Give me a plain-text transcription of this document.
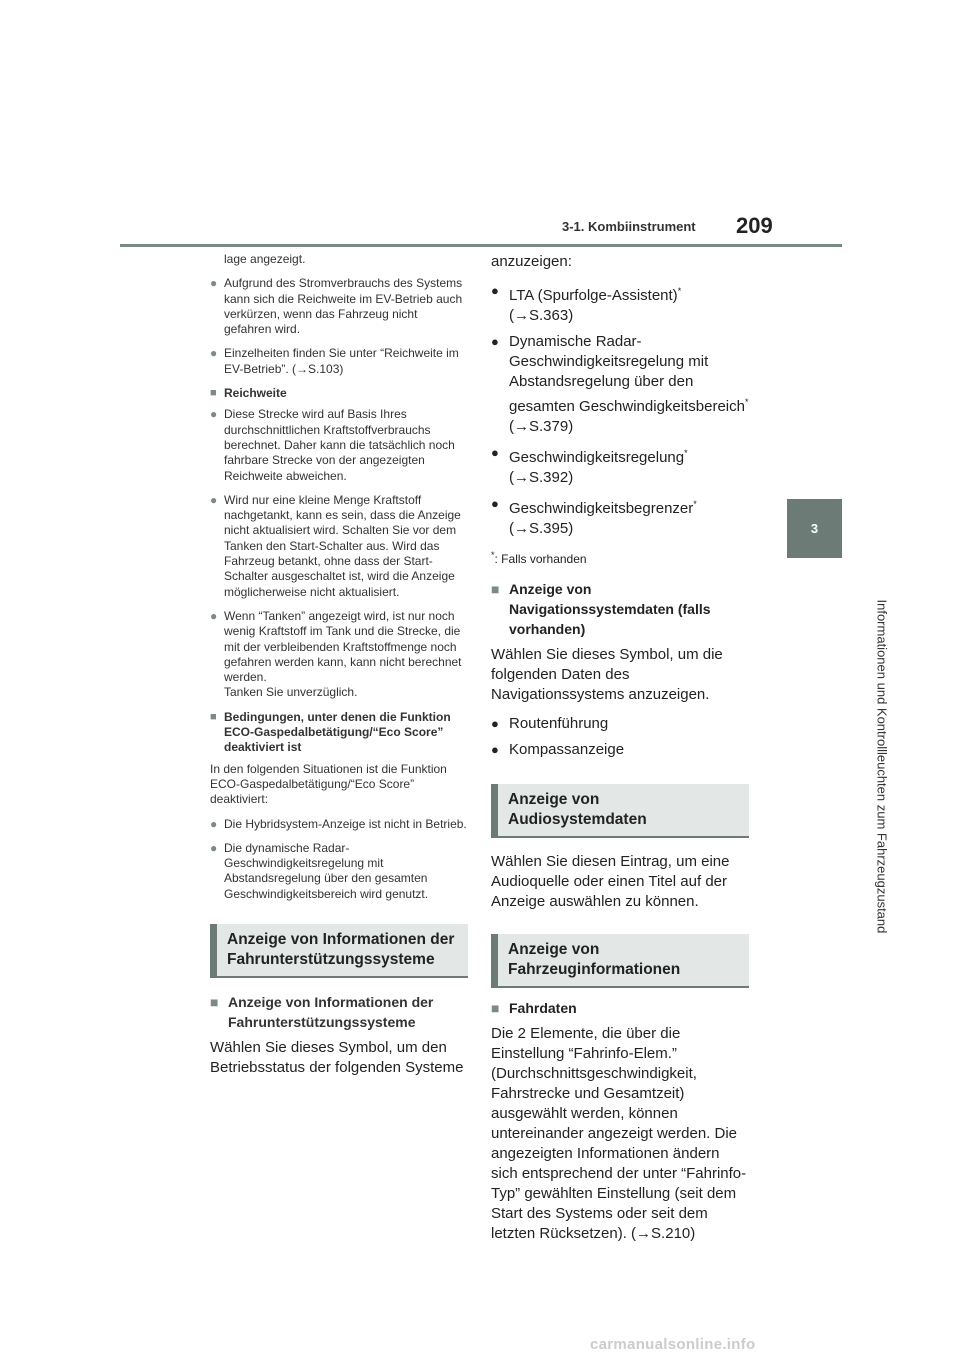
3-1. Kombiinstrument 209
3
Informationen und Kontrollleuchten zum Fahrzeugzustand

lage angezeigt.

● Aufgrund des Stromverbrauchs des Systems kann sich die Reichweite im EV-Betrieb auch verkürzen, wenn das Fahrzeug nicht gefahren wird.
● Einzelheiten finden Sie unter “Reichweite im EV-Betrieb”. (→S.103)
■ Reichweite
● Diese Strecke wird auf Basis Ihres durchschnittlichen Kraftstoffverbrauchs berechnet. Daher kann die tatsächlich noch fahrbare Strecke von der angezeigten Reichweite abweichen.
● Wird nur eine kleine Menge Kraftstoff nachgetankt, kann es sein, dass die Anzeige nicht aktualisiert wird. Schalten Sie vor dem Tanken den Start-Schalter aus. Wird das Fahrzeug betankt, ohne dass der Start-Schalter ausgeschaltet ist, wird die Anzeige möglicherweise nicht aktualisiert.
● Wenn “Tanken” angezeigt wird, ist nur noch wenig Kraftstoff im Tank und die Strecke, die mit der verbleibenden Kraftstoffmenge noch gefahren werden kann, kann nicht berechnet werden.
Tanken Sie unverzüglich.
■ Bedingungen, unter denen die Funktion ECO-Gaspedalbetätigung/“Eco Score” deaktiviert ist

In den folgenden Situationen ist die Funktion ECO-Gaspedalbetätigung/“Eco Score” deaktiviert:

● Die Hybridsystem-Anzeige ist nicht in Betrieb.
● Die dynamische Radar-Geschwindigkeitsregelung mit Abstandsregelung über den gesamten Geschwindigkeitsbereich wird genutzt.
Anzeige von Informationen der Fahrunterstützungssysteme
■ Anzeige von Informationen der Fahrunterstützungssysteme

Wählen Sie dieses Symbol, um den Betriebsstatus der folgenden Systeme

anzuzeigen:

● LTA (Spurfolge-Assistent)*
(→S.363)
● Dynamische Radar-Geschwindigkeitsregelung mit Abstandsregelung über den gesamten Geschwindigkeitsbereich* (→S.379)
● Geschwindigkeitsregelung*
(→S.392)
● Geschwindigkeitsbegrenzer*
(→S.395)
*: Falls vorhanden
■ Anzeige von Navigationssystemdaten (falls vorhanden)

Wählen Sie dieses Symbol, um die folgenden Daten des Navigationssystems anzuzeigen.

● Routenführung
● Kompassanzeige
Anzeige von Audiosystemdaten

Wählen Sie diesen Eintrag, um eine Audioquelle oder einen Titel auf der Anzeige auswählen zu können.

Anzeige von Fahrzeuginformationen
■ Fahrdaten

Die 2 Elemente, die über die Einstellung “Fahrinfo-Elem.” (Durchschnittsgeschwindigkeit, Fahrstrecke und Gesamtzeit) ausgewählt werden, können untereinander angezeigt werden. Die angezeigten Informationen ändern sich entsprechend der unter “Fahrinfo-Typ” gewählten Einstellung (seit dem Start des Systems oder seit dem letzten Rücksetzen). (→S.210)

carmanualsonline.info
